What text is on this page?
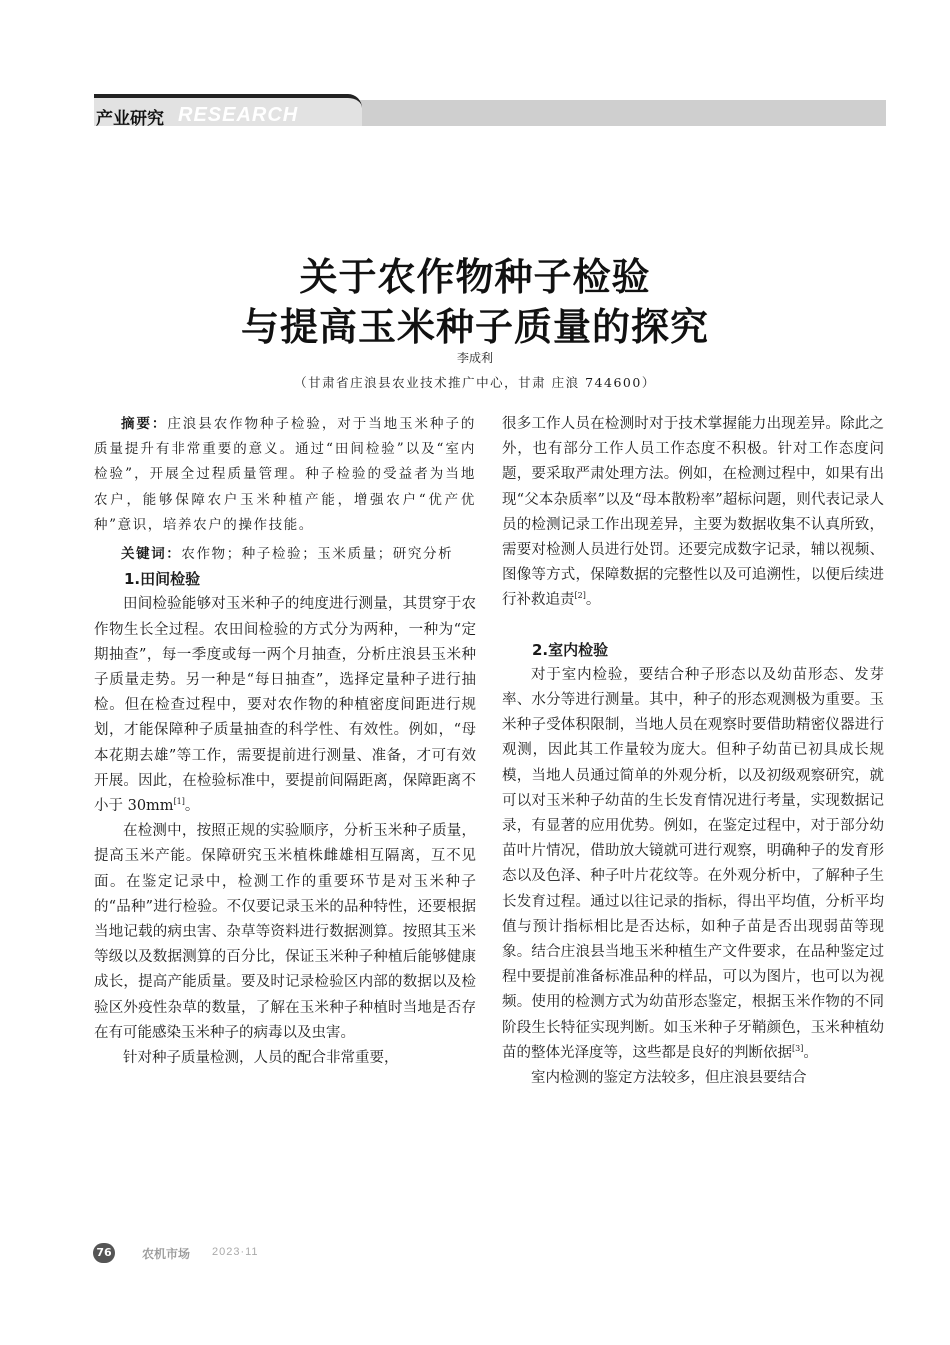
产业研究 RESEARCH
关于农作物种子检验
与提高玉米种子质量的探究
李成利
（甘肃省庄浪县农业技术推广中心，甘肃 庄浪 744600）

摘要：庄浪县农作物种子检验，对于当地玉米种子的质量提升有非常重要的意义。通过“田间检验”以及“室内检验”，开展全过程质量管理。种子检验的受益者为当地农户，能够保障农户玉米种植产能，增强农户“优产优种”意识，培养农户的操作技能。

关键词：农作物；种子检验；玉米质量；研究分析

1.田间检验

田间检验能够对玉米种子的纯度进行测量，其贯穿于农作物生长全过程。农田间检验的方式分为两种，一种为“定期抽查”，每一季度或每一两个月抽查，分析庄浪县玉米种子质量走势。另一种是“每日抽查”，选择定量种子进行抽检。但在检查过程中，要对农作物的种植密度间距进行规划，才能保障种子质量抽查的科学性、有效性。例如，“母本花期去雄”等工作，需要提前进行测量、准备，才可有效开展。因此，在检验标准中，要提前间隔距离，保障距离不小于 30mm[1]。

在检测中，按照正规的实验顺序，分析玉米种子质量，提高玉米产能。保障研究玉米植株雌雄相互隔离，互不见面。在鉴定记录中，检测工作的重要环节是对玉米种子的“品种”进行检验。不仅要记录玉米的品种特性，还要根据当地记载的病虫害、杂草等资料进行数据测算。按照其玉米等级以及数据测算的百分比，保证玉米种子种植后能够健康成长，提高产能质量。要及时记录检验区内部的数据以及检验区外疫性杂草的数量，了解在玉米种子种植时当地是否存在有可能感染玉米种子的病毒以及虫害。

针对种子质量检测，人员的配合非常重要，

很多工作人员在检测时对于技术掌握能力出现差异。除此之外，也有部分工作人员工作态度不积极。针对工作态度问题，要采取严肃处理方法。例如，在检测过程中，如果有出现“父本杂质率”以及“母本散粉率”超标问题，则代表记录人员的检测记录工作出现差异，主要为数据收集不认真所致，需要对检测人员进行处罚。还要完成数字记录，辅以视频、图像等方式，保障数据的完整性以及可追溯性，以便后续进行补救追责[2]。

2.室内检验

对于室内检验，要结合种子形态以及幼苗形态、发芽率、水分等进行测量。其中，种子的形态观测极为重要。玉米种子受体积限制，当地人员在观察时要借助精密仪器进行观测，因此其工作量较为庞大。但种子幼苗已初具成长规模，当地人员通过简单的外观分析，以及初级观察研究，就可以对玉米种子幼苗的生长发育情况进行考量，实现数据记录，有显著的应用优势。例如，在鉴定过程中，对于部分幼苗叶片情况，借助放大镜就可进行观察，明确种子的发育形态以及色泽、种子叶片花纹等。在外观分析中，了解种子生长发育过程。通过以往记录的指标，得出平均值，分析平均值与预计指标相比是否达标，如种子苗是否出现弱苗等现象。结合庄浪县当地玉米种植生产文件要求，在品种鉴定过程中要提前准备标准品种的样品，可以为图片，也可以为视频。使用的检测方式为幼苗形态鉴定，根据玉米作物的不同阶段生长特征实现判断。如玉米种子牙鞘颜色，玉米种植幼苗的整体光泽度等，这些都是良好的判断依据[3]。

室内检测的鉴定方法较多，但庄浪县要结合

76	农机市场 2023·11
